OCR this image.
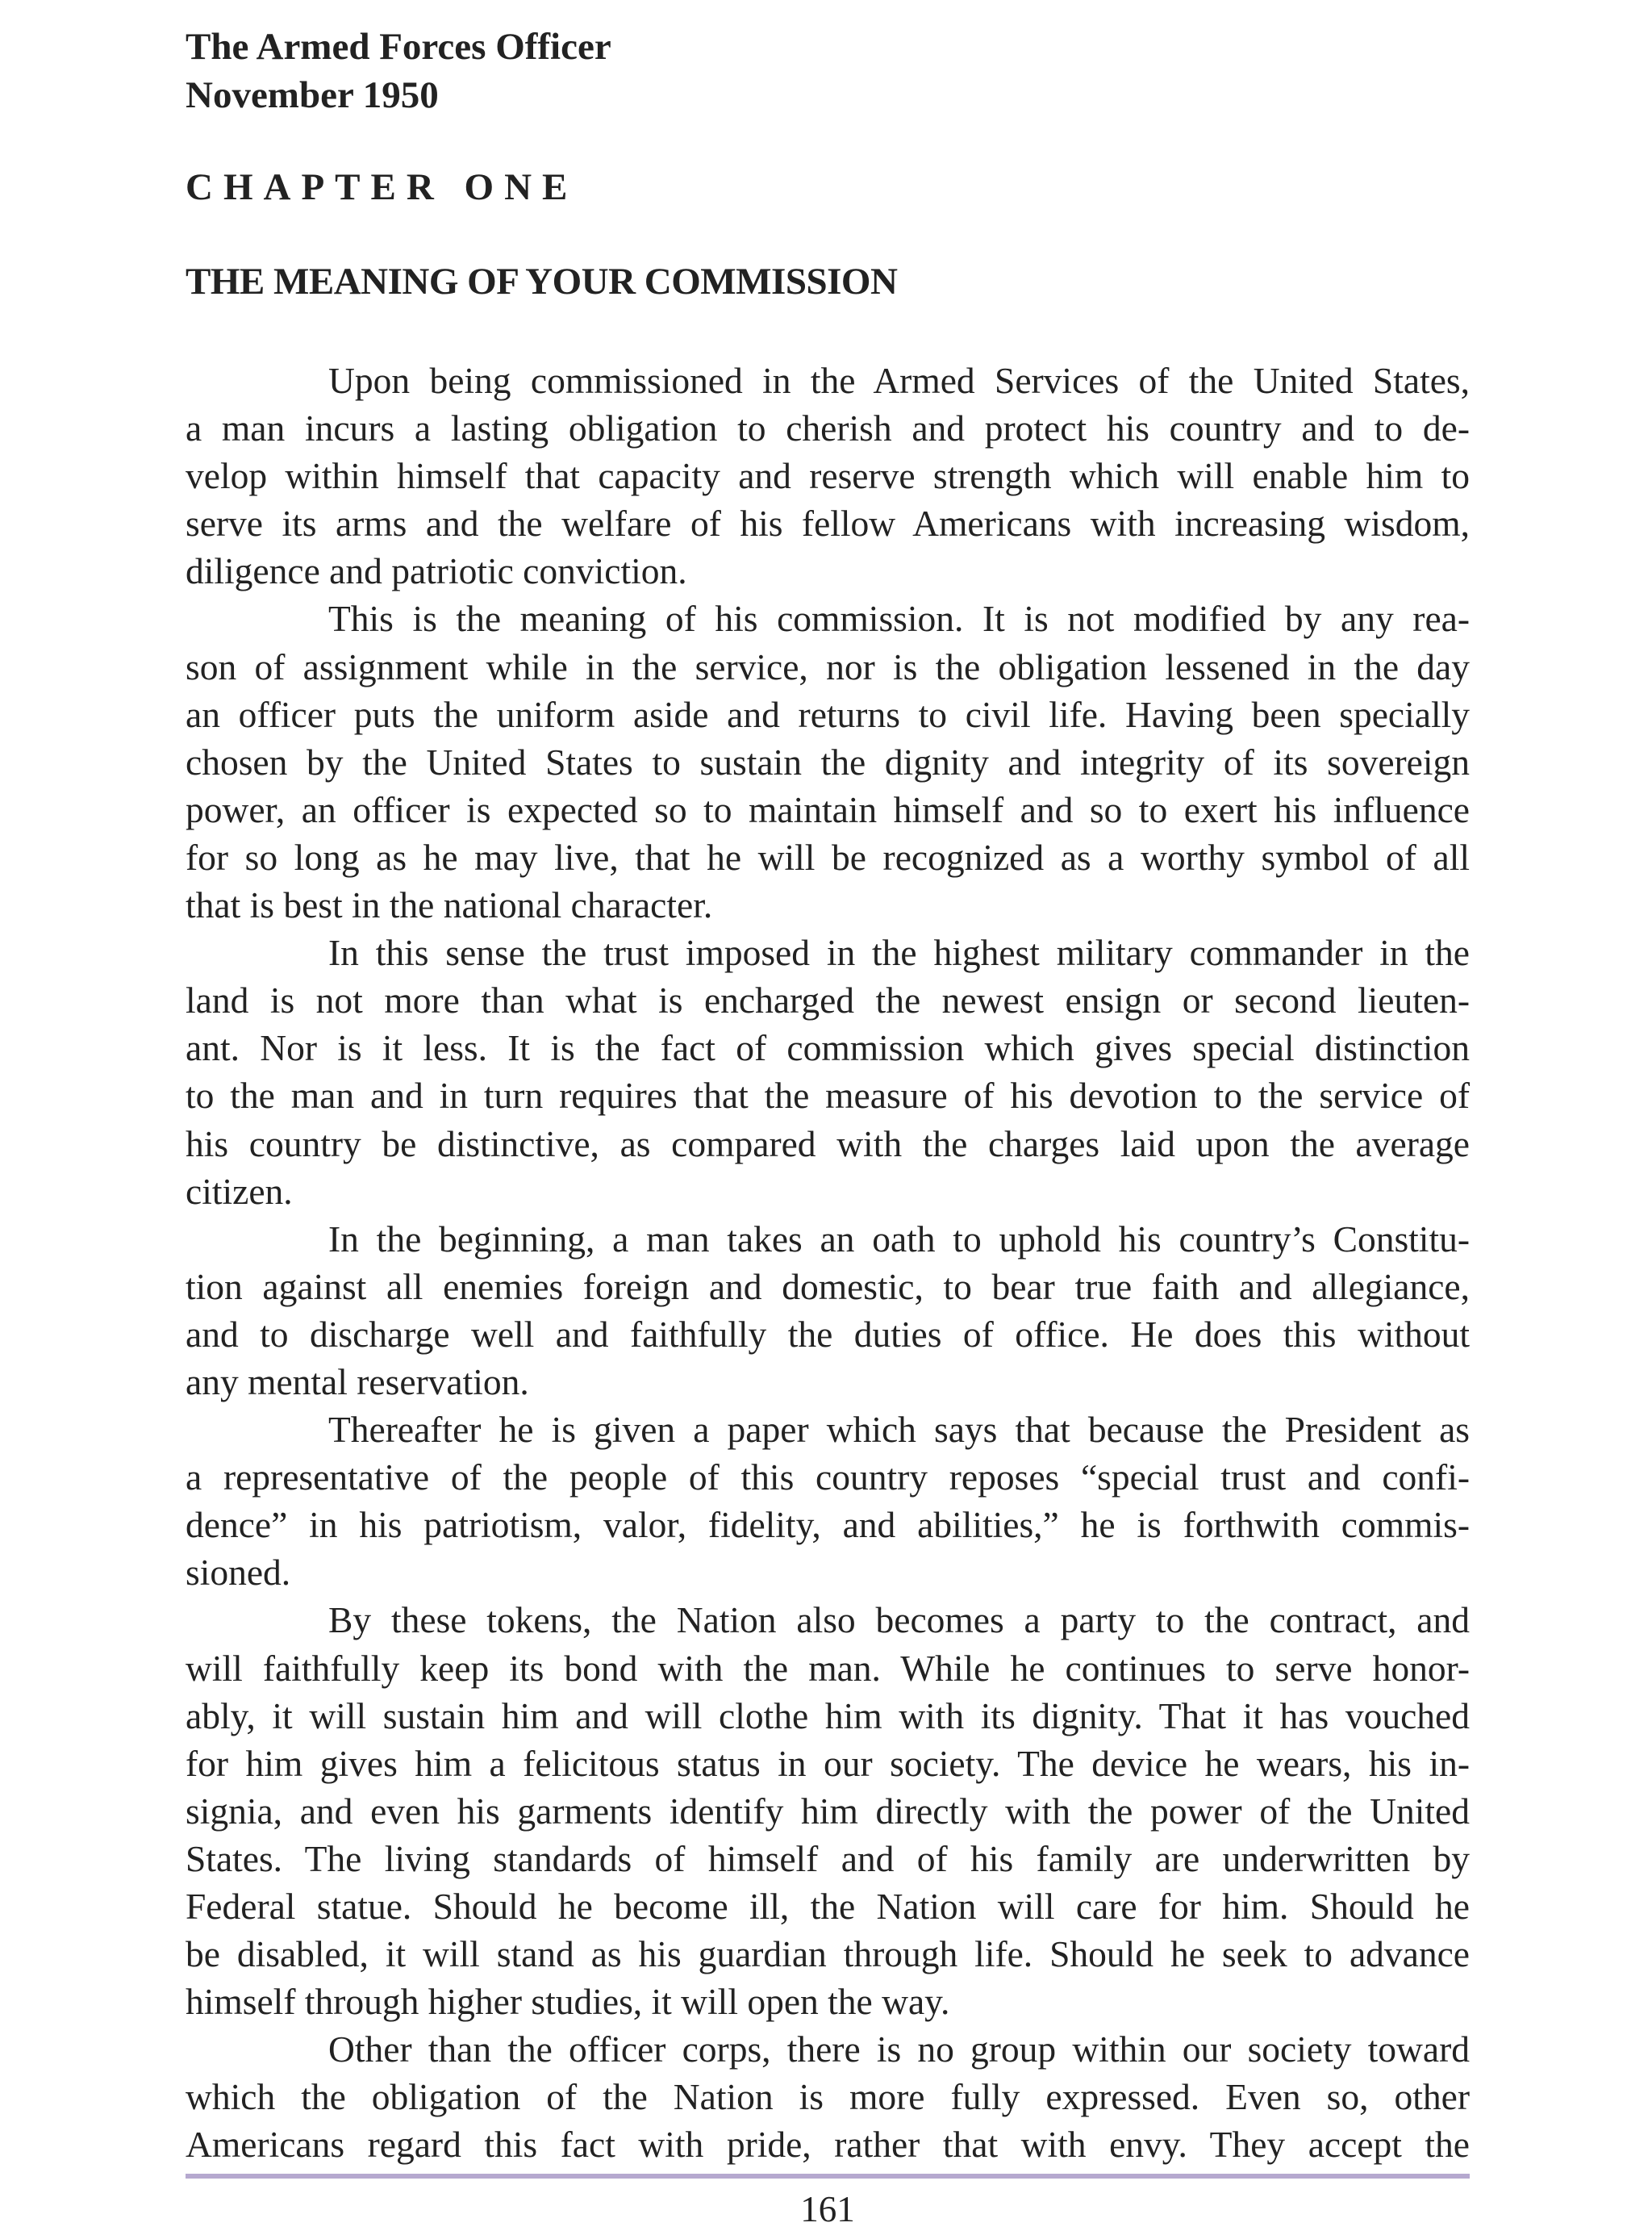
The Armed Forces Officer
November 1950
CHAPTER ONE
THE MEANING OF YOUR COMMISSION
Upon being commissioned in the Armed Services of the United States,
a man incurs a lasting obligation to cherish and protect his country and to de-
velop within himself that capacity and reserve strength which will enable him to
serve its arms and the welfare of his fellow Americans with increasing wisdom,
diligence and patriotic conviction.
This is the meaning of his commission. It is not modified by any rea-
son of assignment while in the service, nor is the obligation lessened in the day
an officer puts the uniform aside and returns to civil life. Having been specially
chosen by the United States to sustain the dignity and integrity of its sovereign
power, an officer is expected so to maintain himself and so to exert his influence
for so long as he may live, that he will be recognized as a worthy symbol of all
that is best in the national character.
In this sense the trust imposed in the highest military commander in the
land is not more than what is encharged the newest ensign or second lieuten-
ant. Nor is it less. It is the fact of commission which gives special distinction
to the man and in turn requires that the measure of his devotion to the service of
his country be distinctive, as compared with the charges laid upon the average
citizen.
In the beginning, a man takes an oath to uphold his country’s Constitu-
tion against all enemies foreign and domestic, to bear true faith and allegiance,
and to discharge well and faithfully the duties of office. He does this without
any mental reservation.
Thereafter he is given a paper which says that because the President as
a representative of the people of this country reposes “special trust and confi-
dence” in his patriotism, valor, fidelity, and abilities,” he is forthwith commis-
sioned.
By these tokens, the Nation also becomes a party to the contract, and
will faithfully keep its bond with the man. While he continues to serve honor-
ably, it will sustain him and will clothe him with its dignity. That it has vouched
for him gives him a felicitous status in our society. The device he wears, his in-
signia, and even his garments identify him directly with the power of the United
States. The living standards of himself and of his family are underwritten by
Federal statue. Should he become ill, the Nation will care for him. Should he
be disabled, it will stand as his guardian through life. Should he seek to advance
himself through higher studies, it will open the way.
Other than the officer corps, there is no group within our society toward
which the obligation of the Nation is more fully expressed. Even so, other
Americans regard this fact with pride, rather that with envy. They accept the
161
